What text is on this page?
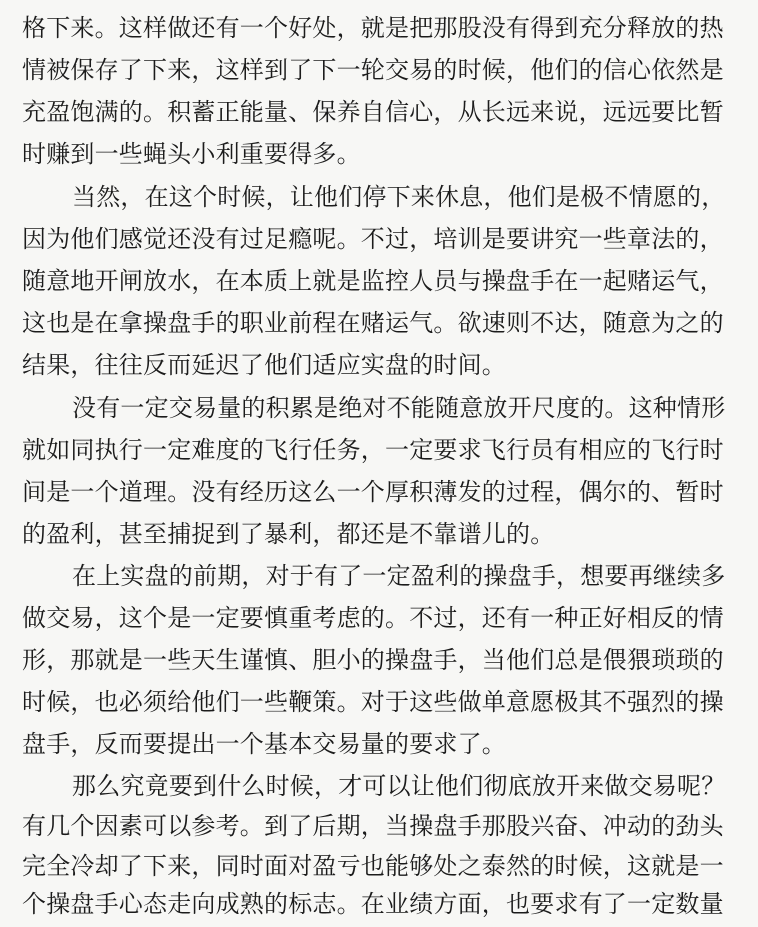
格下来。这样做还有一个好处，就是把那股没有得到充分释放的热
情被保存了下来，这样到了下一轮交易的时候，他们的信心依然是
充盈饱满的。积蓄正能量、保养自信心，从长远来说，远远要比暂
时赚到一些蝇头小利重要得多。
当然，在这个时候，让他们停下来休息，他们是极不情愿的，
因为他们感觉还没有过足瘾呢。不过，培训是要讲究一些章法的，
随意地开闸放水，在本质上就是监控人员与操盘手在一起赌运气，
这也是在拿操盘手的职业前程在赌运气。欲速则不达，随意为之的
结果，往往反而延迟了他们适应实盘的时间。
没有一定交易量的积累是绝对不能随意放开尺度的。这种情形
就如同执行一定难度的飞行任务，一定要求飞行员有相应的飞行时
间是一个道理。没有经历这么一个厚积薄发的过程，偶尔的、暂时
的盈利，甚至捕捉到了暴利，都还是不靠谱儿的。
在上实盘的前期，对于有了一定盈利的操盘手，想要再继续多
做交易，这个是一定要慎重考虑的。不过，还有一种正好相反的情
形，那就是一些天生谨慎、胆小的操盘手，当他们总是偎猥琐琐的
时候，也必须给他们一些鞭策。对于这些做单意愿极其不强烈的操
盘手，反而要提出一个基本交易量的要求了。
那么究竟要到什么时候，才可以让他们彻底放开来做交易呢？
有几个因素可以参考。到了后期，当操盘手那股兴奋、冲动的劲头
完全冷却了下来，同时面对盈亏也能够处之泰然的时候，这就是一
个操盘手心态走向成熟的标志。在业绩方面，也要求有了一定数量
